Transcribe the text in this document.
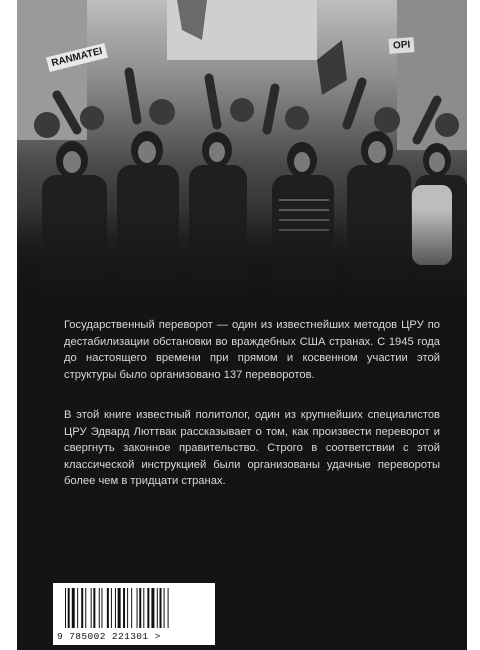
RANMATEI
OPI

Государственный переворот — один из известнейших методов ЦРУ по дестабилизации обстановки во враждебных США странах. С 1945 года до настоящего времени при прямом и косвенном участии этой структуры было организовано 137 переворотов.

В этой книге известный политолог, один из крупнейших специалистов ЦРУ Эдвард Люттвак рассказывает о том, как произвести переворот и свергнуть законное правительство. Строго в соответствии с этой классической инструкцией были организованы удачные перевороты более чем в тридцати странах.

9 785002 221301 >
